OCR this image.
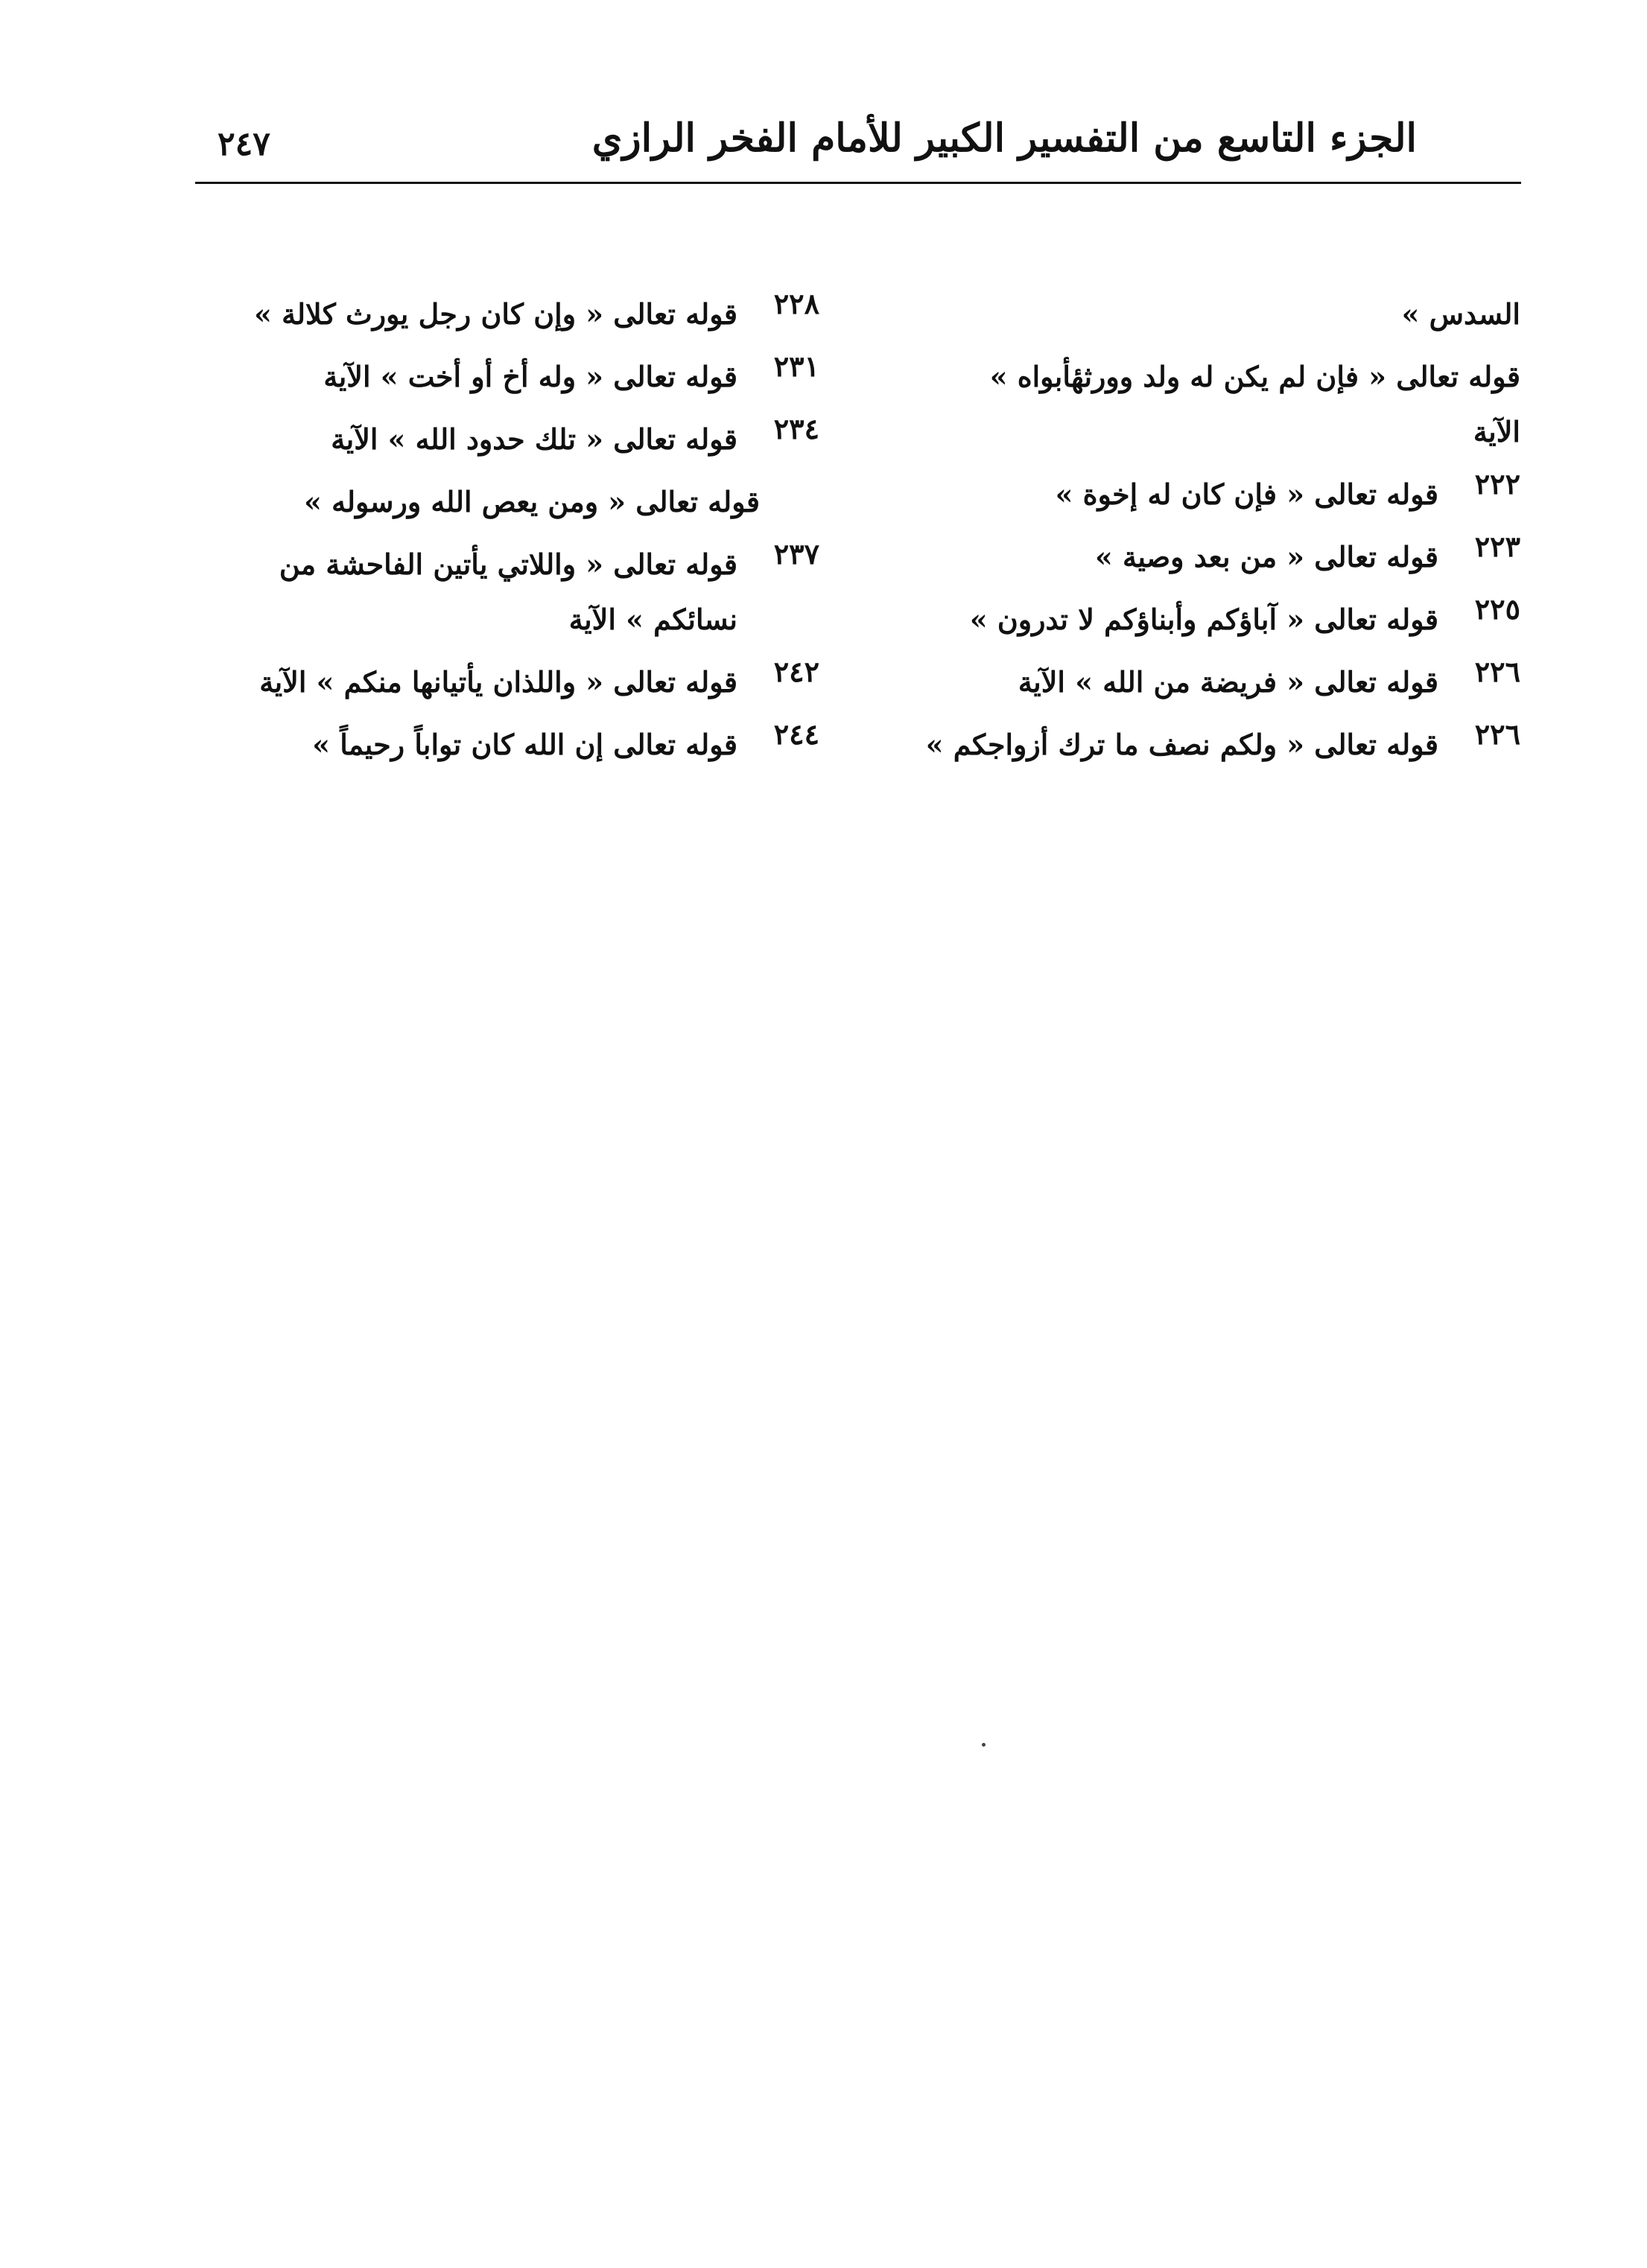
الجزء التاسع من التفسير الكبير للأمام الفخر الرازي
٢٤٧
السدس »
قوله تعالى « فإن لم يكن له ولد وورثهٔأبواه »
الآية
٢٢٢
قوله تعالى « فإن كان له إخوة »
٢٢٣
قوله تعالى « من بعد وصية »
٢٢٥
قوله تعالى « آباؤكم وأبناؤكم لا تدرون »
٢٢٦
قوله تعالى « فريضة من الله » الآية
٢٢٦
قوله تعالى « ولكم نصف ما ترك أزواجكم »
٢٢٨
قوله تعالى « وإن كان رجل يورث كلالة »
٢٣١
قوله تعالى « وله أخ أو أخت » الآية
٢٣٤
قوله تعالى « تلك حدود الله » الآية
قوله تعالى « ومن يعص الله ورسوله »
٢٣٧
قوله تعالى « واللاتي يأتين الفاحشة من
نسائكم » الآية
٢٤٢
قوله تعالى « واللذان يأتيانها منكم » الآية
٢٤٤
قوله تعالى إن الله كان تواباً رحيماً »
